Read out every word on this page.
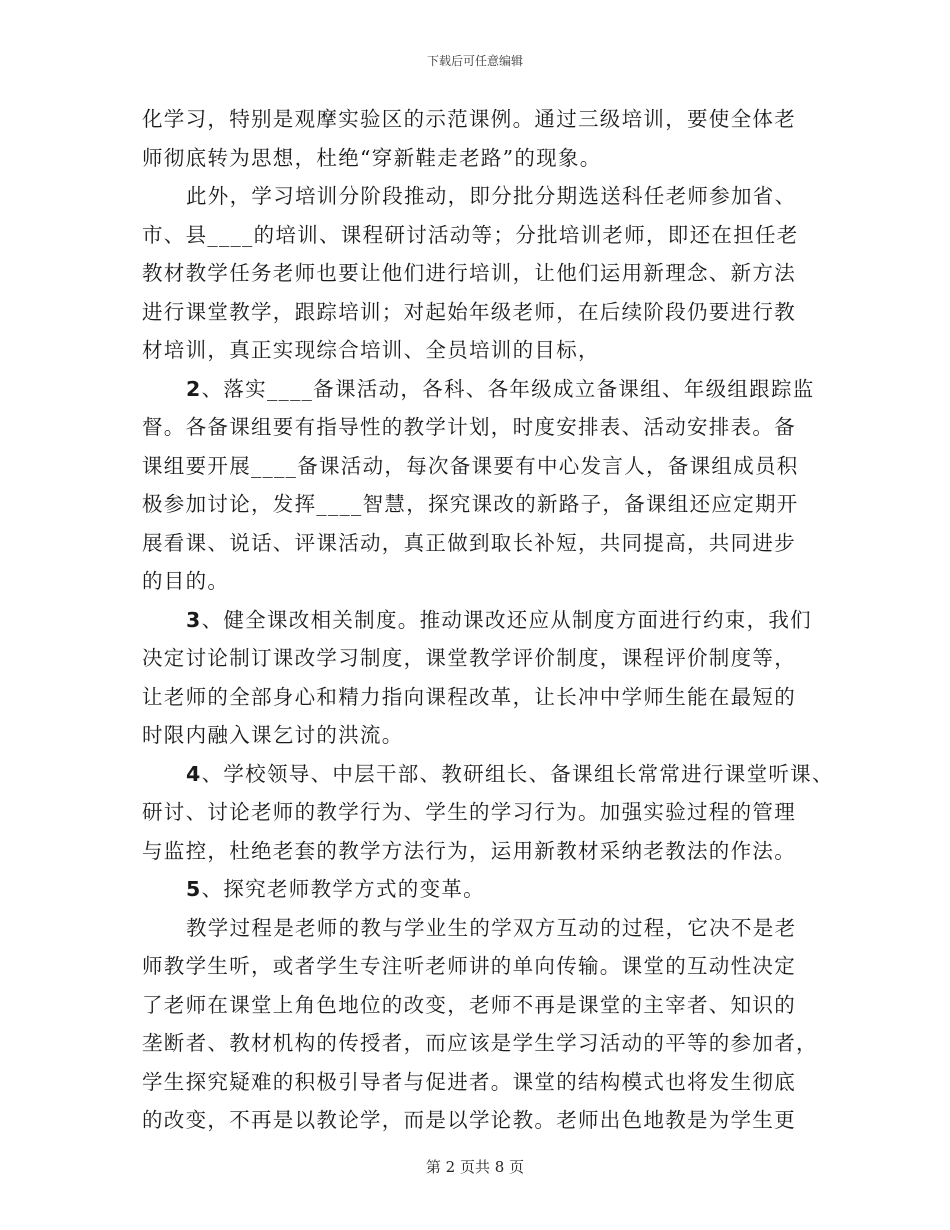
下载后可任意编辑
化学习，特别是观摩实验区的示范课例。通过三级培训，要使全体老
师彻底转为思想，杜绝“穿新鞋走老路”的现象。
此外，学习培训分阶段推动，即分批分期选送科任老师参加省、
市、县____的培训、课程研讨活动等；分批培训老师，即还在担任老
教材教学任务老师也要让他们进行培训，让他们运用新理念、新方法
进行课堂教学，跟踪培训；对起始年级老师，在后续阶段仍要进行教
材培训，真正实现综合培训、全员培训的目标，
2、落实____备课活动，各科、各年级成立备课组、年级组跟踪监
督。各备课组要有指导性的教学计划，时度安排表、活动安排表。备
课组要开展____备课活动，每次备课要有中心发言人，备课组成员积
极参加讨论，发挥____智慧，探究课改的新路子，备课组还应定期开
展看课、说话、评课活动，真正做到取长补短，共同提高，共同进步
的目的。
3、健全课改相关制度。推动课改还应从制度方面进行约束，我们
决定讨论制订课改学习制度，课堂教学评价制度，课程评价制度等，
让老师的全部身心和精力指向课程改革，让长冲中学师生能在最短的
时限内融入课乞讨的洪流。
4、学校领导、中层干部、教研组长、备课组长常常进行课堂听课、
研讨、讨论老师的教学行为、学生的学习行为。加强实验过程的管理
与监控，杜绝老套的教学方法行为，运用新教材采纳老教法的作法。
5、探究老师教学方式的变革。
教学过程是老师的教与学业生的学双方互动的过程，它决不是老
师教学生听，或者学生专注听老师讲的单向传输。课堂的互动性决定
了老师在课堂上角色地位的改变，老师不再是课堂的主宰者、知识的
垄断者、教材机构的传授者，而应该是学生学习活动的平等的参加者，
学生探究疑难的积极引导者与促进者。课堂的结构模式也将发生彻底
的改变，不再是以教论学，而是以学论教。老师出色地教是为学生更
第 2 页共 8 页
